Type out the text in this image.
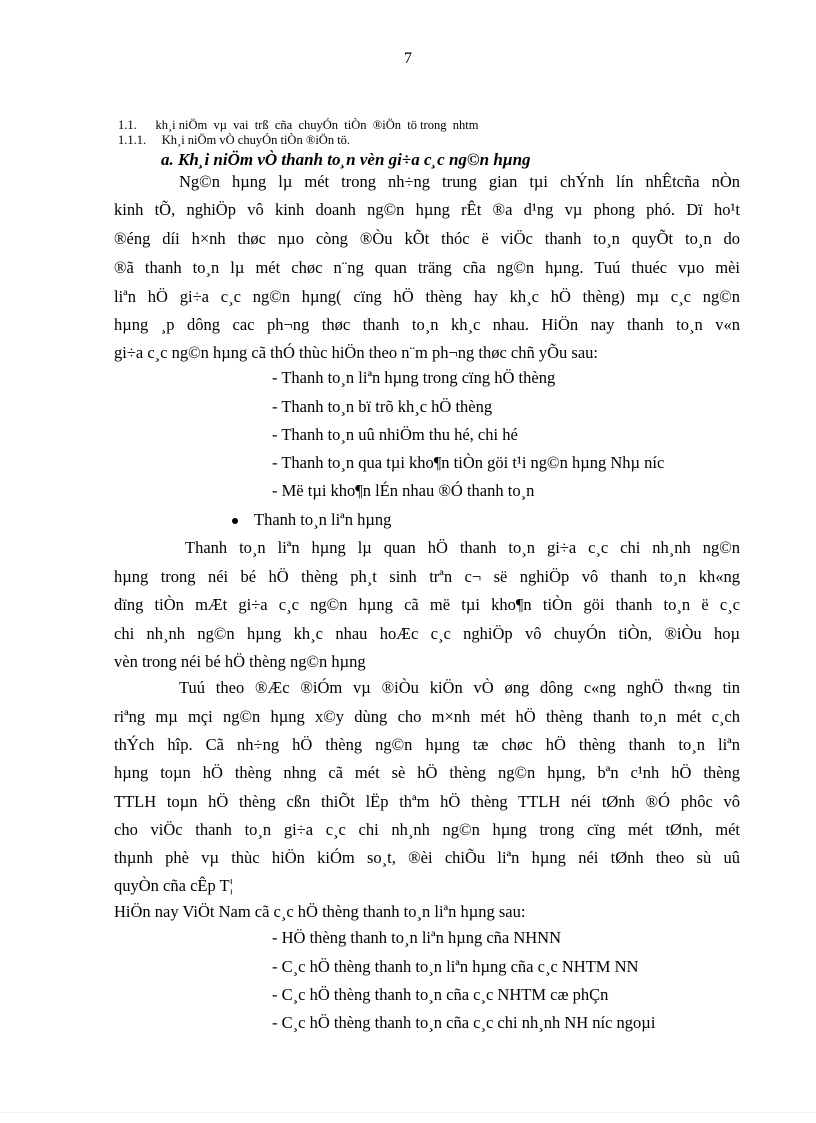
7
1.1.      kh¸i niÖm  vµ  vai  trß  cña  chuyÓn  tiÒn  ®iÖn  tö trong  nhtm
1.1.1.     Kh¸i niÖm vÒ chuyÓn tiÒn ®iÖn tö.
a. Kh¸i niÖm vÒ thanh to¸n vèn gi÷a c¸c ng©n hµng
Ng©n hµng lµ mét trong nh÷ng trung gian tµi chÝnh lín nhÊtcña nÒn
kinh tÕ, nghiÖp vô kinh doanh ng©n hµng rÊt ®a d¹ng vµ phong phó. Dï ho¹t
®éng díi h×nh thøc nµo còng ®Òu kÕt thóc ë viÖc thanh to¸n quyÕt to¸n do
®ã thanh to¸n lµ mét chøc n¨ng quan träng cña ng©n hµng. Tuú thuéc vµo mèi
liªn hÖ gi÷a c¸c ng©n hµng( cïng hÖ thèng hay kh¸c hÖ thèng) mµ c¸c ng©n
hµng ¸p dông cac ph¬ng thøc thanh to¸n kh¸c nhau. HiÖn nay thanh to¸n v«n
gi÷a c¸c ng©n hµng cã thÓ thùc hiÖn theo n¨m ph¬ng thøc chñ yÕu sau:
- Thanh to¸n liªn hµng trong cïng hÖ thèng
- Thanh to¸n bï trõ kh¸c hÖ thèng
- Thanh to¸n uû nhiÖm thu hé, chi hé
- Thanh to¸n qua tµi kho¶n tiÒn göi t¹i ng©n hµng Nhµ níc
- Më tµi kho¶n lÉn nhau ®Ó thanh to¸n
Thanh to¸n liªn hµng
Thanh to¸n liªn hµng lµ quan hÖ thanh to¸n gi÷a c¸c chi nh¸nh ng©n
hµng trong néi bé hÖ thèng ph¸t sinh trªn c¬ së nghiÖp vô thanh to¸n kh«ng
dïng tiÒn mÆt gi÷a c¸c ng©n hµng cã më tµi kho¶n tiÒn göi thanh to¸n ë c¸c
chi nh¸nh ng©n hµng kh¸c nhau hoÆc c¸c nghiÖp vô chuyÓn tiÒn, ®iÒu hoµ
vèn trong néi bé hÖ thèng ng©n hµng
Tuú theo ®Æc ®iÓm vµ ®iÒu kiÖn vÒ øng dông c«ng nghÖ th«ng tin
riªng mµ mçi ng©n hµng x©y dùng cho m×nh mét hÖ thèng thanh to¸n mét c¸ch
thÝch hîp. Cã nh÷ng hÖ thèng ng©n hµng tæ chøc hÖ thèng thanh to¸n liªn
hµng toµn hÖ thèng nhng cã mét sè hÖ thèng ng©n hµng, bªn c¹nh hÖ thèng
TTLH toµn hÖ thèng cßn thiÕt lËp thªm hÖ thèng TTLH néi tØnh ®Ó phôc vô
cho viÖc thanh to¸n gi÷a c¸c chi nh¸nh ng©n hµng trong cïng mét tØnh, mét
thµnh phè vµ thùc hiÖn kiÓm so¸t, ®èi chiÕu liªn hµng néi tØnh theo sù uû
quyÒn cña cÊp T¦
HiÖn nay ViÖt Nam cã c¸c hÖ thèng thanh to¸n liªn hµng sau:
- HÖ thèng thanh to¸n liªn hµng cña NHNN
- C¸c hÖ thèng thanh to¸n liªn hµng cña c¸c NHTM NN
- C¸c hÖ thèng thanh to¸n cña c¸c NHTM cæ phÇn
- C¸c hÖ thèng thanh to¸n cña c¸c chi nh¸nh NH níc ngoµi
